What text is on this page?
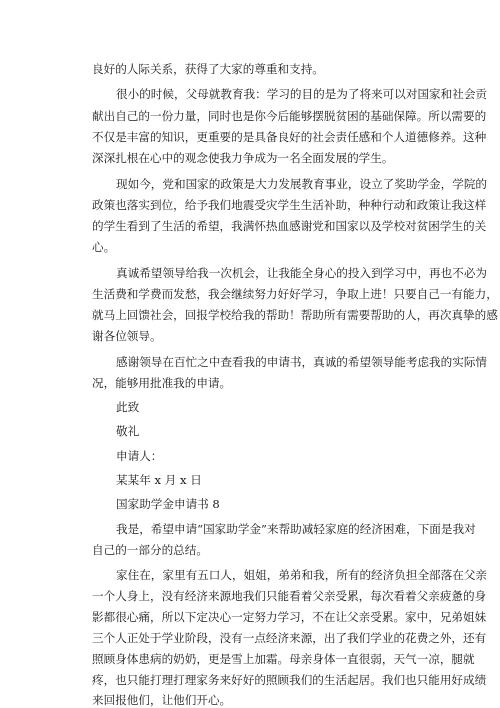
良好的人际关系，获得了大家的尊重和支持。
很小的时候，父母就教育我：学习的目的是为了将来可以对国家和社会贡
献出自己的一份力量，同时也是你今后能够摆脱贫困的基础保障。所以需要的
不仅是丰富的知识，更重要的是具备良好的社会责任感和个人道德修养。这种
深深扎根在心中的观念使我力争成为一名全面发展的学生。
现如今，党和国家的政策是大力发展教育事业，设立了奖助学金，学院的
政策也落实到位，给予我们地震受灾学生生活补助，种种行动和政策让我这样
的学生看到了生活的希望，我满怀热血感谢党和国家以及学校对贫困学生的关
心。
真诚希望领导给我一次机会，让我能全身心的投入到学习中，再也不必为
生活费和学费而发愁，我会继续努力好好学习，争取上进！只要自己一有能力，
就马上回馈社会，回报学校给我的帮助！帮助所有需要帮助的人，再次真挚的感
谢各位领导。
感谢领导在百忙之中查看我的申请书，真诚的希望领导能考虑我的实际情
况，能够用批准我的申请。
此致
敬礼
申请人：
某某年 x 月 x 日
国家助学金申请书 8
我是，希望申请“国家助学金”来帮助减轻家庭的经济困难，下面是我对
自己的一部分的总结。
家住在，家里有五口人，姐姐，弟弟和我，所有的经济负担全部落在父亲
一个人身上，没有经济来源地我们只能看着父亲受累，每次看着父亲疲惫的身
影都很心痛，所以下定决心一定努力学习，不在让父亲受累。家中，兄弟姐妹
三个人正处于学业阶段，没有一点经济来源，出了我们学业的花费之外，还有
照顾身体患病的奶奶，更是雪上加霜。母亲身体一直很弱，天气一凉，腿就
疼，也只能打理打理家务来好好的照顾我们的生活起居。我们也只能用好成绩
来回报他们，让他们开心。
